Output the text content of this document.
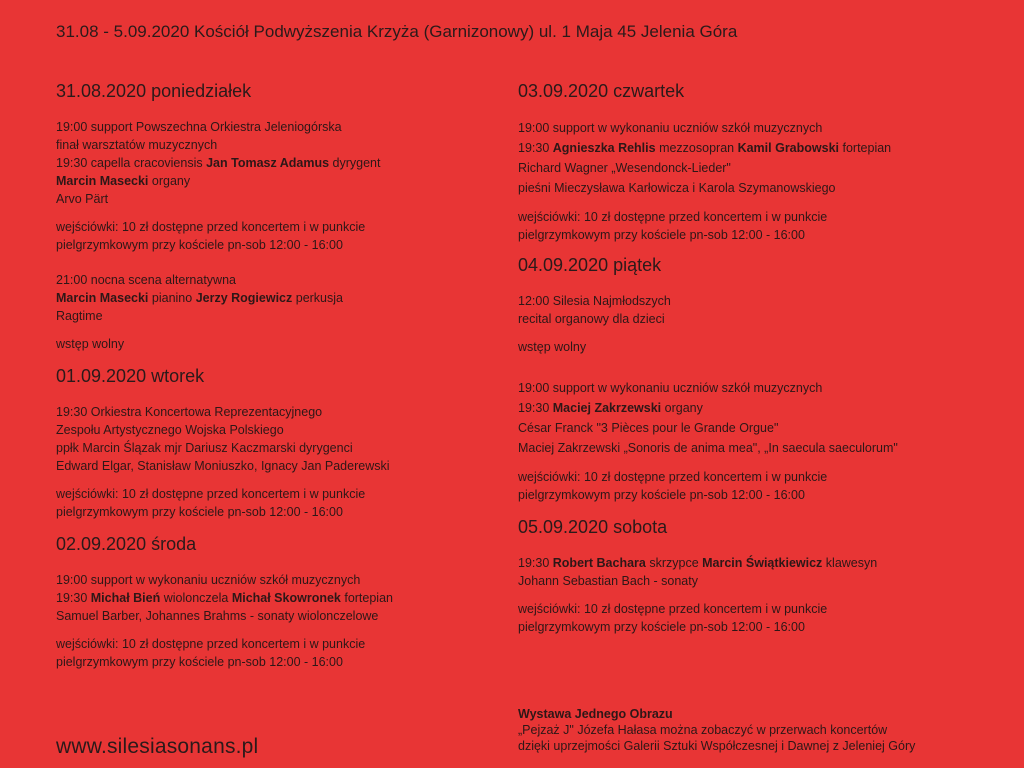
31.08 - 5.09.2020 Kościół Podwyższenia Krzyża (Garnizonowy) ul. 1 Maja 45 Jelenia Góra
31.08.2020 poniedziałek
19:00 support Powszechna Orkiestra Jeleniogórska
finał warsztatów muzycznych
19:30 capella cracoviensis Jan Tomasz Adamus dyrygent
Marcin Masecki organy
Arvo Pärt
wejściówki: 10 zł dostępne przed koncertem i w punkcie
pielgrzymkowym przy kościele pn-sob 12:00 - 16:00
21:00 nocna scena alternatywna
Marcin Masecki pianino Jerzy Rogiewicz perkusja
Ragtime
wstęp wolny
01.09.2020 wtorek
19:30 Orkiestra Koncertowa Reprezentacyjnego
Zespołu Artystycznego Wojska Polskiego
ppłk Marcin Ślązak mjr Dariusz Kaczmarski dyrygenci
Edward Elgar, Stanisław Moniuszko, Ignacy Jan Paderewski
wejściówki: 10 zł dostępne przed koncertem i w punkcie
pielgrzymkowym przy kościele pn-sob 12:00 - 16:00
02.09.2020 środa
19:00 support w wykonaniu uczniów szkół muzycznych
19:30 Michał Bień wiolonczela Michał Skowronek fortepian
Samuel Barber, Johannes Brahms - sonaty wiolonczelowe
wejściówki: 10 zł dostępne przed koncertem i w punkcie
pielgrzymkowym przy kościele pn-sob 12:00 - 16:00
03.09.2020 czwartek
19:00 support w wykonaniu uczniów szkół muzycznych
19:30 Agnieszka Rehlis mezzosopran Kamil Grabowski fortepian
Richard Wagner „Wesendonck-Lieder"
pieśni Mieczysława Karłowicza i Karola Szymanowskiego
wejściówki: 10 zł dostępne przed koncertem i w punkcie
pielgrzymkowym przy kościele pn-sob 12:00 - 16:00
04.09.2020 piątek
12:00 Silesia Najmłodszych
recital organowy dla dzieci
wstęp wolny
19:00 support w wykonaniu uczniów szkół muzycznych
19:30 Maciej Zakrzewski organy
César Franck "3 Pièces pour le Grande Orgue"
Maciej Zakrzewski „Sonoris de anima mea", „In saecula saeculorum"
wejściówki: 10 zł dostępne przed koncertem i w punkcie
pielgrzymkowym przy kościele pn-sob 12:00 - 16:00
05.09.2020 sobota
19:30 Robert Bachara skrzypce Marcin Świątkiewicz klawesyn
Johann Sebastian Bach - sonaty
wejściówki: 10 zł dostępne przed koncertem i w punkcie
pielgrzymkowym przy kościele pn-sob 12:00 - 16:00
Wystawa Jednego Obrazu
„Pejzaż J" Józefa Hałasa można zobaczyć w przerwach koncertów
dzięki uprzejmości Galerii Sztuki Współczesnej i Dawnej z Jeleniej Góry
www.silesiasonans.pl
